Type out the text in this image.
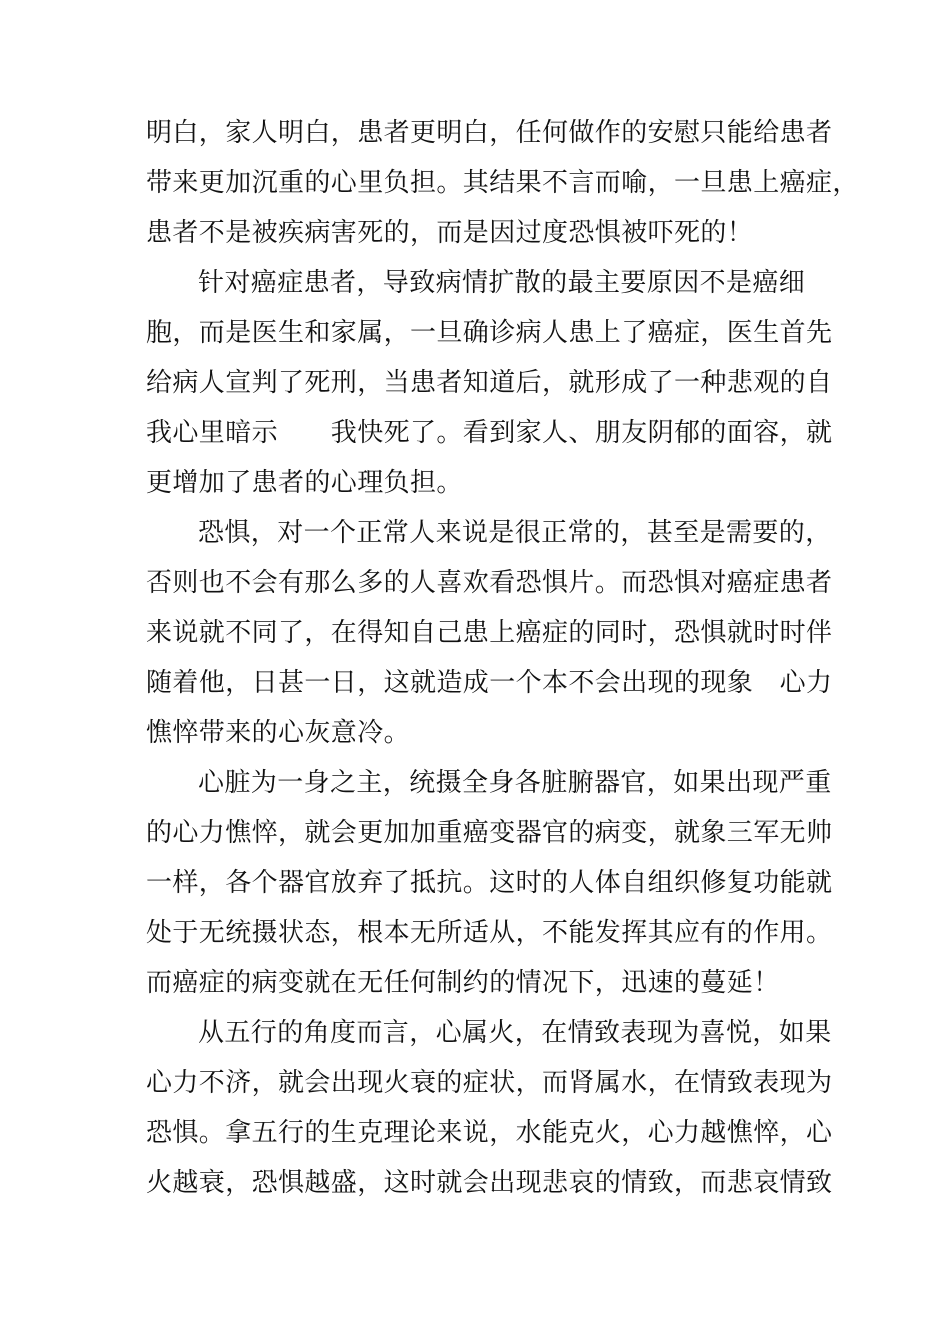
明白，家人明白，患者更明白，任何做作的安慰只能给患者
带来更加沉重的心里负担。其结果不言而喻，一旦患上癌症，
患者不是被疾病害死的，而是因过度恐惧被吓死的！
针对癌症患者，导致病情扩散的最主要原因不是癌细
胞，而是医生和家属，一旦确诊病人患上了癌症，医生首先
给病人宣判了死刑，当患者知道后，就形成了一种悲观的自
我心里暗示　　我快死了。看到家人、朋友阴郁的面容，就
更增加了患者的心理负担。
恐惧，对一个正常人来说是很正常的，甚至是需要的，
否则也不会有那么多的人喜欢看恐惧片。而恐惧对癌症患者
来说就不同了，在得知自己患上癌症的同时，恐惧就时时伴
随着他，日甚一日，这就造成一个本不会出现的现象　心力
憔悴带来的心灰意冷。
心脏为一身之主，统摄全身各脏腑器官，如果出现严重
的心力憔悴，就会更加加重癌变器官的病变，就象三军无帅
一样，各个器官放弃了抵抗。这时的人体自组织修复功能就
处于无统摄状态，根本无所适从，不能发挥其应有的作用。
而癌症的病变就在无任何制约的情况下，迅速的蔓延！
从五行的角度而言，心属火，在情致表现为喜悦，如果
心力不济，就会出现火衰的症状，而肾属水，在情致表现为
恐惧。拿五行的生克理论来说，水能克火，心力越憔悴，心
火越衰，恐惧越盛，这时就会出现悲哀的情致，而悲哀情致
